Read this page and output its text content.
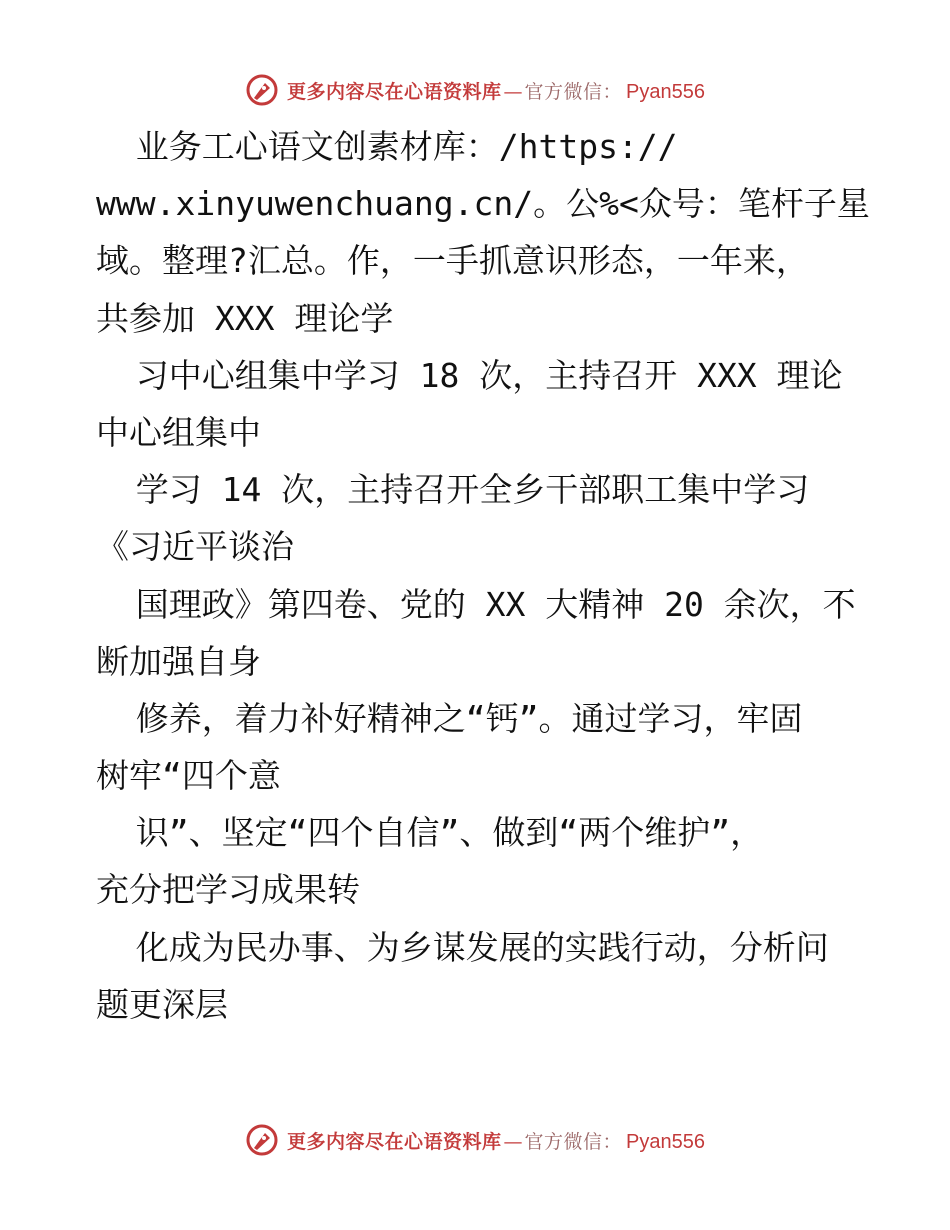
更多内容尽在心语资料库 — 官方微信： Pyan556
业务工心语文创素材库：/https://
www.xinyuwenchuang.cn/。公%<众号：笔杆子星
域。整理?汇总。作，一手抓意识形态，一年来，
共参加 XXX 理论学
习中心组集中学习 18 次，主持召开 XXX 理论
中心组集中
学习 14 次，主持召开全乡干部职工集中学习
《习近平谈治
国理政》第四卷、党的 XX 大精神 20 余次，不
断加强自身
修养，着力补好精神之“钙”。通过学习，牢固
树牢“四个意
识”、坚定“四个自信”、做到“两个维护”，
充分把学习成果转
化成为民办事、为乡谋发展的实践行动，分析问
题更深层
更多内容尽在心语资料库 — 官方微信： Pyan556
